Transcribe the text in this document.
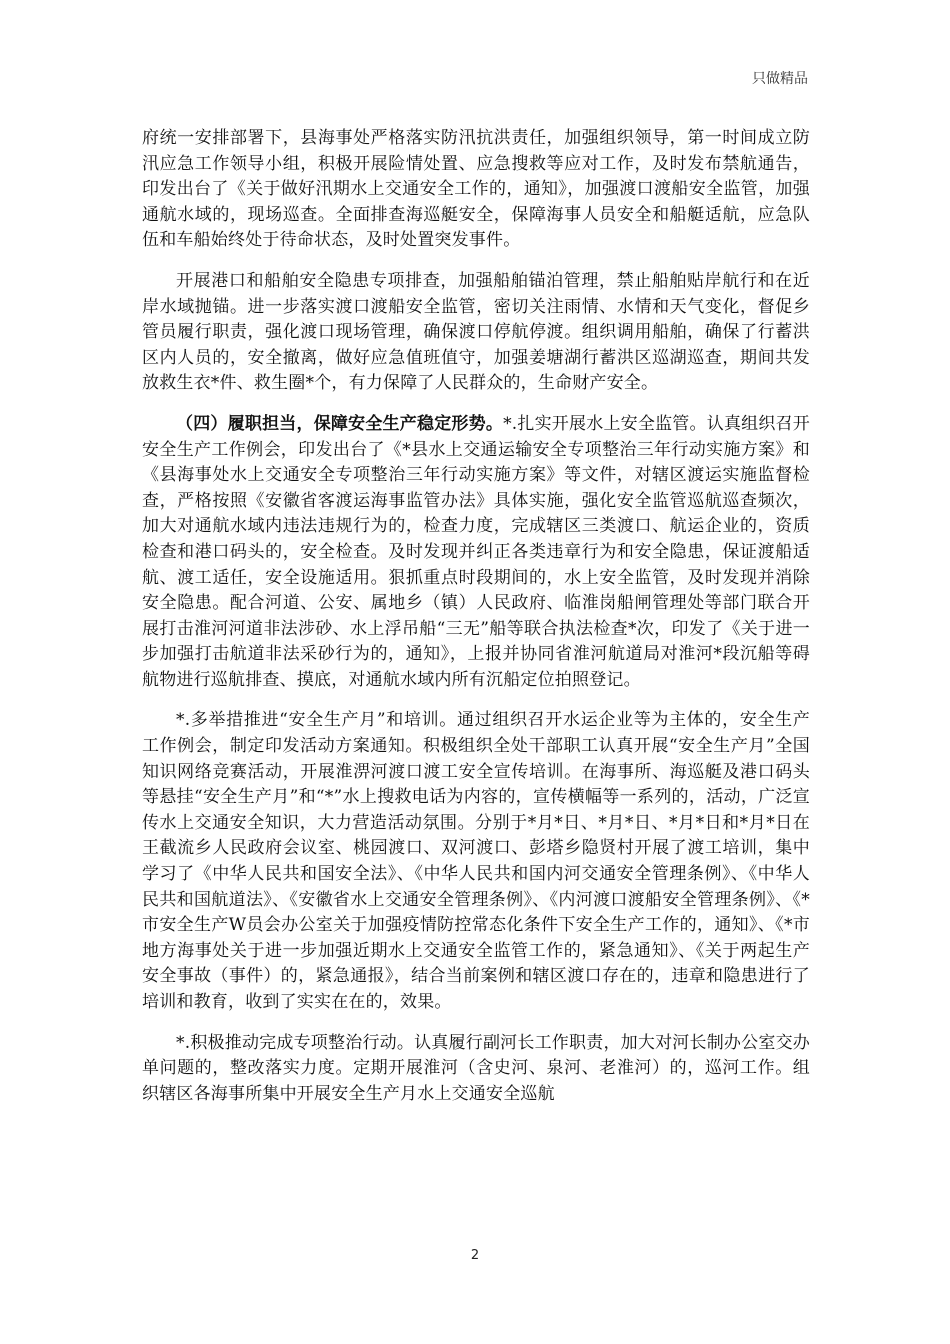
只做精品

府统一安排部署下，县海事处严格落实防汛抗洪责任，加强组织领导，第一时间成立防汛应急工作领导小组，积极开展险情处置、应急搜救等应对工作，及时发布禁航通告，印发出台了《关于做好汛期水上交通安全工作的，通知》，加强渡口渡船安全监管，加强通航水域的，现场巡查。全面排查海巡艇安全，保障海事人员安全和船艇适航，应急队伍和车船始终处于待命状态，及时处置突发事件。

开展港口和船舶安全隐患专项排查，加强船舶锚泊管理，禁止船舶贴岸航行和在近岸水域抛锚。进一步落实渡口渡船安全监管，密切关注雨情、水情和天气变化，督促乡管员履行职责，强化渡口现场管理，确保渡口停航停渡。组织调用船舶，确保了行蓄洪区内人员的，安全撤离，做好应急值班值守，加强姜塘湖行蓄洪区巡湖巡查，期间共发放救生衣*件、救生圈*个，有力保障了人民群众的，生命财产安全。

（四）履职担当，保障安全生产稳定形势。*.扎实开展水上安全监管。认真组织召开安全生产工作例会，印发出台了《*县水上交通运输安全专项整治三年行动实施方案》和《县海事处水上交通安全专项整治三年行动实施方案》等文件，对辖区渡运实施监督检查，严格按照《安徽省客渡运海事监管办法》具体实施，强化安全监管巡航巡查频次，加大对通航水域内违法违规行为的，检查力度，完成辖区三类渡口、航运企业的，资质检查和港口码头的，安全检查。及时发现并纠正各类违章行为和安全隐患，保证渡船适航、渡工适任，安全设施适用。狠抓重点时段期间的，水上安全监管，及时发现并消除安全隐患。配合河道、公安、属地乡（镇）人民政府、临淮岗船闸管理处等部门联合开展打击淮河河道非法涉砂、水上浮吊船“三无”船等联合执法检查*次，印发了《关于进一步加强打击航道非法采砂行为的，通知》，上报并协同省淮河航道局对淮河*段沉船等碍航物进行巡航排查、摸底，对通航水域内所有沉船定位拍照登记。

*.多举措推进“安全生产月”和培训。通过组织召开水运企业等为主体的，安全生产工作例会，制定印发活动方案通知。积极组织全处干部职工认真开展“安全生产月”全国知识网络竞赛活动，开展淮淠河渡口渡工安全宣传培训。在海事所、海巡艇及港口码头等悬挂“安全生产月”和“*”水上搜救电话为内容的，宣传横幅等一系列的，活动，广泛宣传水上交通安全知识，大力营造活动氛围。分别于*月*日、*月*日、*月*日和*月*日在王截流乡人民政府会议室、桃园渡口、双河渡口、彭塔乡隐贤村开展了渡工培训，集中学习了《中华人民共和国安全法》、《中华人民共和国内河交通安全管理条例》、《中华人民共和国航道法》、《安徽省水上交通安全管理条例》、《内河渡口渡船安全管理条例》、《*市安全生产W员会办公室关于加强疫情防控常态化条件下安全生产工作的，通知》、《*市地方海事处关于进一步加强近期水上交通安全监管工作的，紧急通知》、《关于两起生产安全事故（事件）的，紧急通报》，结合当前案例和辖区渡口存在的，违章和隐患进行了培训和教育，收到了实实在在的，效果。

*.积极推动完成专项整治行动。认真履行副河长工作职责，加大对河长制办公室交办单问题的，整改落实力度。定期开展淮河（含史河、泉河、老淮河）的，巡河工作。组织辖区各海事所集中开展安全生产月水上交通安全巡航

2
